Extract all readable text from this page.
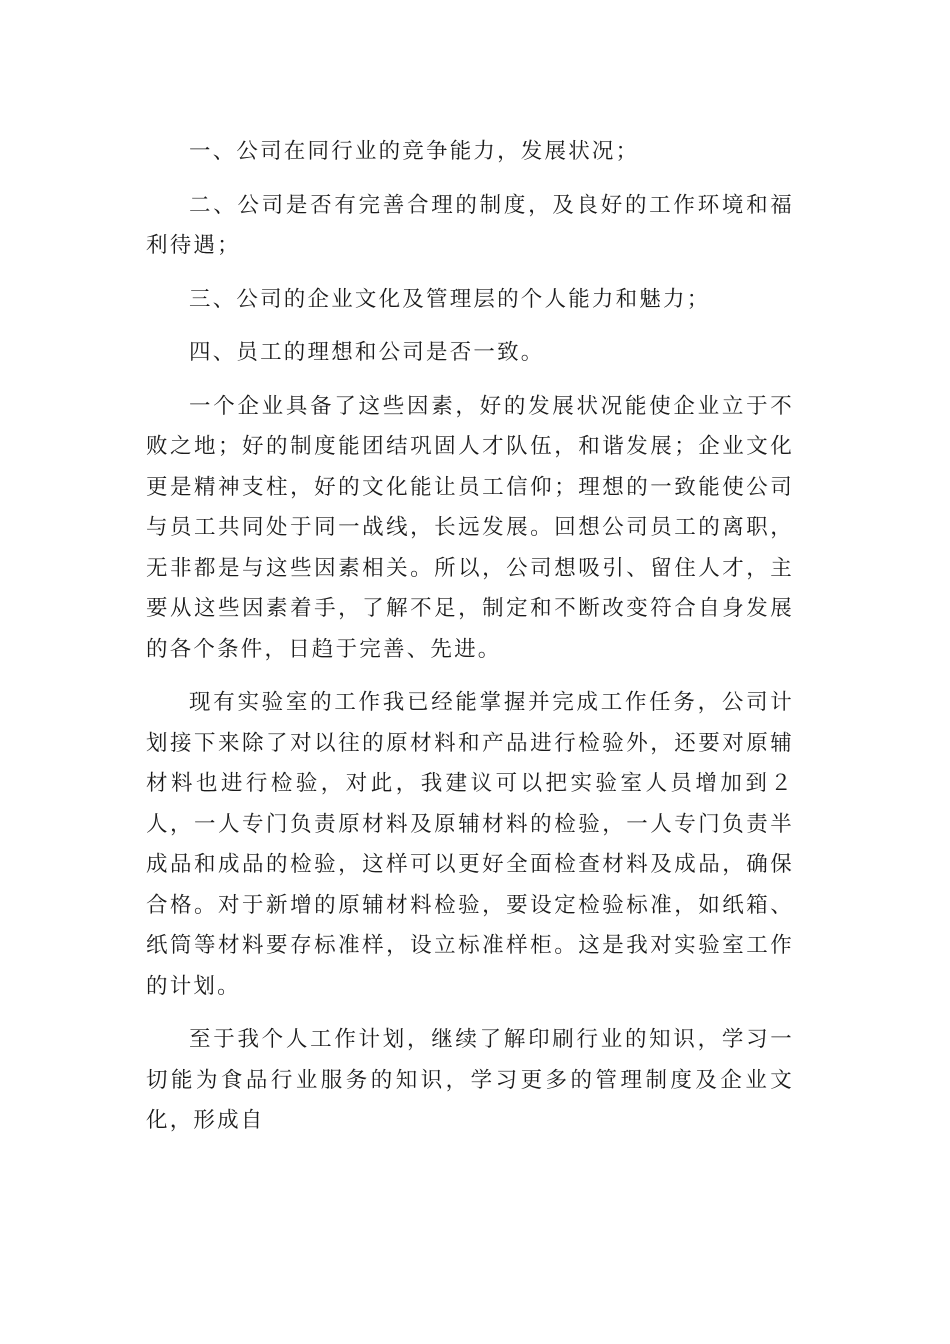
一、公司在同行业的竞争能力，发展状况；

二、公司是否有完善合理的制度，及良好的工作环境和福利待遇；

三、公司的企业文化及管理层的个人能力和魅力；

四、员工的理想和公司是否一致。

一个企业具备了这些因素，好的发展状况能使企业立于不败之地；好的制度能团结巩固人才队伍，和谐发展；企业文化更是精神支柱，好的文化能让员工信仰；理想的一致能使公司与员工共同处于同一战线，长远发展。回想公司员工的离职，无非都是与这些因素相关。所以，公司想吸引、留住人才，主要从这些因素着手，了解不足，制定和不断改变符合自身发展的各个条件，日趋于完善、先进。

现有实验室的工作我已经能掌握并完成工作任务，公司计划接下来除了对以往的原材料和产品进行检验外，还要对原辅材料也进行检验，对此，我建议可以把实验室人员增加到２人，一人专门负责原材料及原辅材料的检验，一人专门负责半成品和成品的检验，这样可以更好全面检查材料及成品，确保合格。对于新增的原辅材料检验，要设定检验标准，如纸箱、纸筒等材料要存标准样，设立标准样柜。这是我对实验室工作的计划。

至于我个人工作计划，继续了解印刷行业的知识，学习一切能为食品行业服务的知识，学习更多的管理制度及企业文化，形成自
